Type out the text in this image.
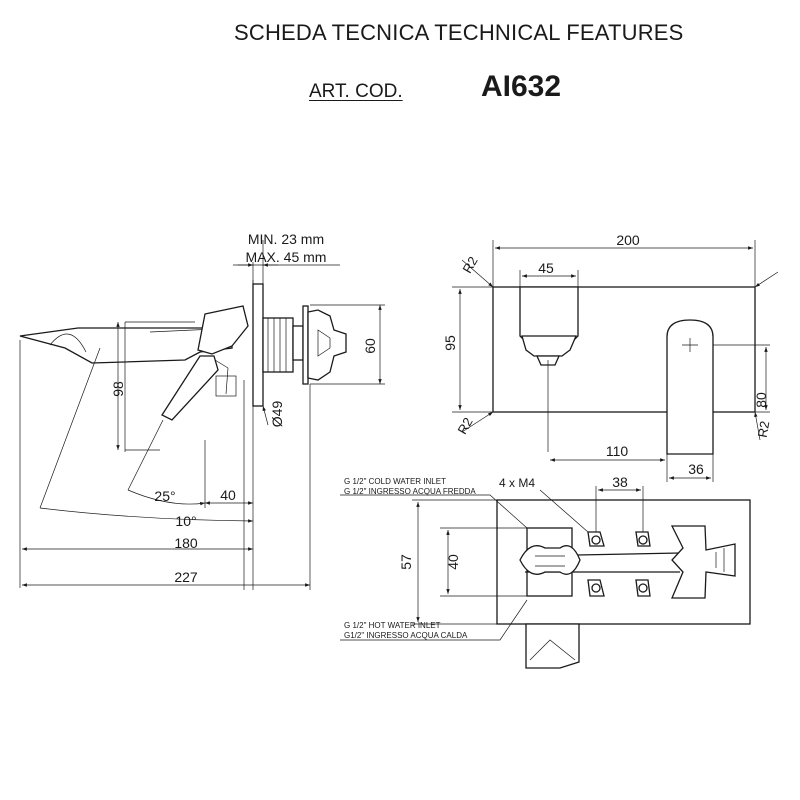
SCHEDA TECNICA TECHNICAL FEATURES
ART. COD.	AI632
MIN. 23 mm
MAX. 45 mm
98
60
Ø49
25°	40
10°
180
227
200
45
95
R2
R2	R2
80
110
36
57 40
38
4 x M4
G 1/2" COLD WATER INLET
G 1/2" INGRESSO ACQUA FREDDA
G 1/2" HOT WATER INLET
G1/2" INGRESSO ACQUA CALDA
